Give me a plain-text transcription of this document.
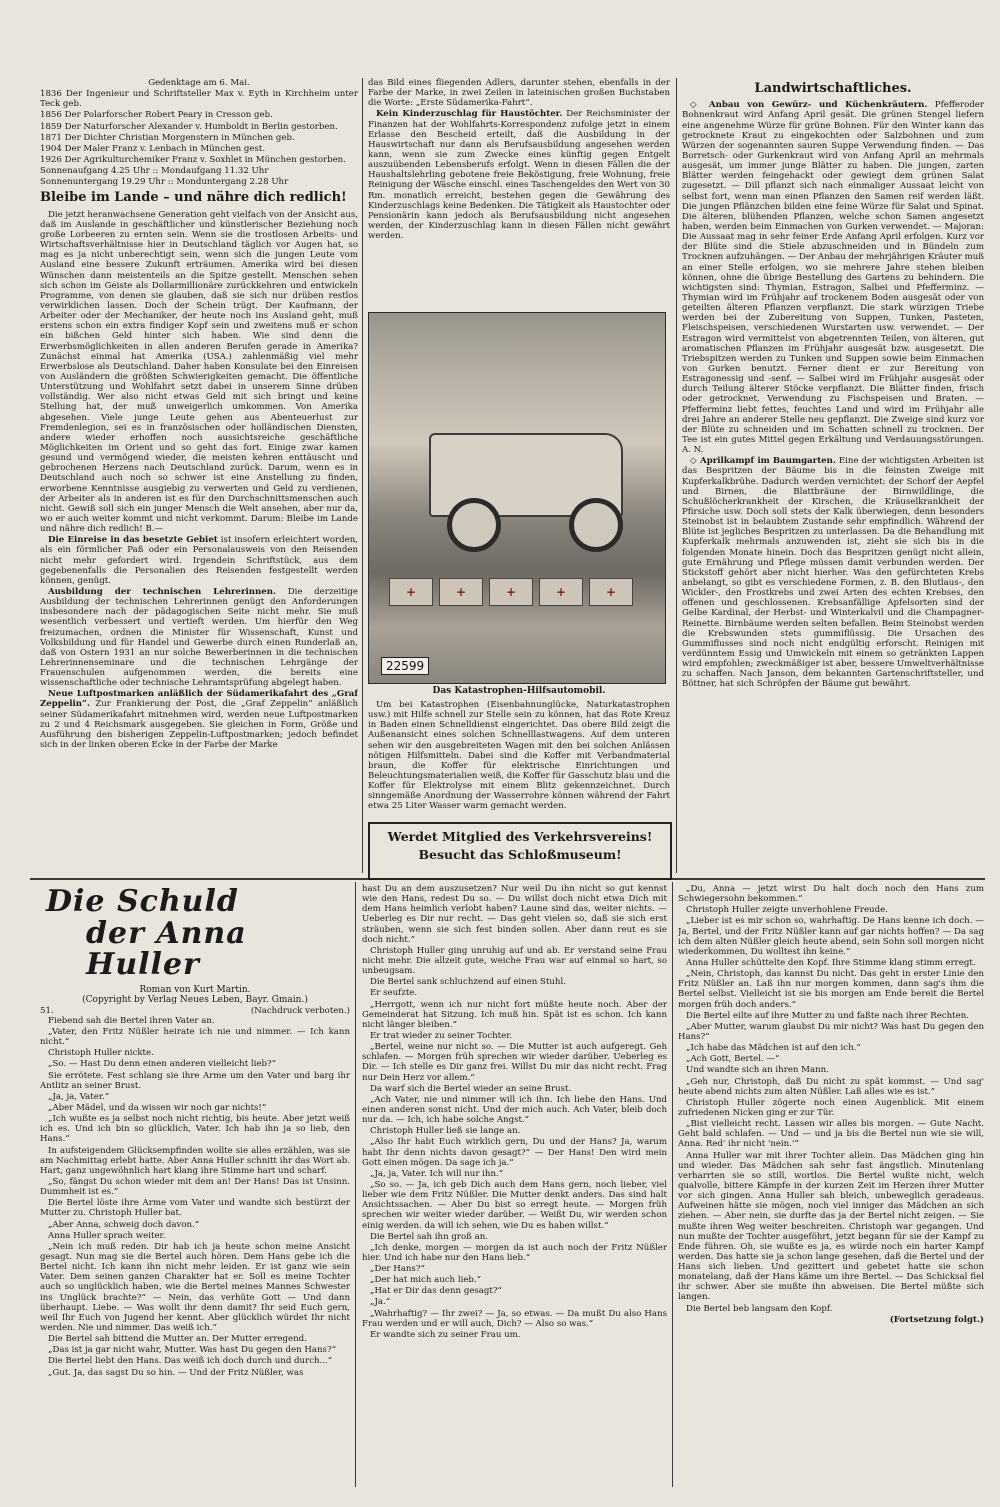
Gedenktage am 6. Mai.

1836 Der Ingenieur und Schriftsteller Max v. Eyth in Kirchheim unter Teck geb.

1856 Der Polarforscher Robert Peary in Cresson geb.

1859 Der Naturforscher Alexander v. Humboldt in Berlin gestorben.

1871 Der Dichter Christian Morgenstern in München geb.

1904 Der Maler Franz v. Lenbach in München gest.

1926 Der Agrikulturchemiker Franz v. Soxhlet in München gestorben.

Sonnenaufgang 4.25 Uhr :: Mondaufgang 11.32 Uhr

Sonnenuntergang 19.29 Uhr :: Monduntergang 2.28 Uhr

Bleibe im Lande – und nähre dich redlich!

Die jetzt heranwachsene Generation geht vielfach von der Ansicht aus, daß im Auslande in geschäftlicher und künstlerischer Beziehung noch große Lorbeeren zu ernten sein. Wenn sie die trostlosen Arbeits- und Wirtschaftsverhältnisse hier in Deutschland täglich vor Augen hat, so mag es ja nicht unberechtigt sein, wenn sich die jungen Leute vom Ausland eine bessere Zukunft erträumen. Amerika wird bei diesen Wünschen dann meistenteils an die Spitze gestellt. Menschen sehen sich schon im Geiste als Dollarmillionäre zurückkehren und entwickeln Programme, von denen sie glauben, daß sie sich nur drüben restlos verwirklichen lassen. Doch der Schein trügt. Der Kaufmann, der Arbeiter oder der Mechaniker, der heute noch ins Ausland geht, muß erstens schon ein extra findiger Kopf sein und zweitens muß er schon ein bißchen Geld hinter sich haben. Wie sind denn die Erwerbsmöglichkeiten in allen anderen Berufen gerade in Amerika? Zunächst einmal hat Amerika (USA.) zahlenmäßig viel mehr Erwerbslose als Deutschland. Daher haben Konsulate bei den Einreisen von Ausländern die größten Schwierigkeiten gemacht. Die öffentliche Unterstützung und Wohlfahrt setzt dabei in unserem Sinne drüben vollständig. Wer also nicht etwas Geld mit sich bringt und keine Stellung hat, der muß unweigerlich umkommen. Von Amerika abgesehen. Viele junge Leute gehen aus Abenteuerlust zur Fremdenlegion, sei es in französischen oder holländischen Diensten, andere wieder erhoffen noch aussichtsreiche geschäftliche Möglichkeiten im Orient und so geht das fort. Einige zwar kamen gesund und vermögend wieder, die meisten kehren enttäuscht und gebrochenen Herzens nach Deutschland zurück. Darum, wenn es in Deutschland auch noch so schwer ist eine Anstellung zu finden, erworbene Kenntnisse ausgiebig zu verwerten und Geld zu verdienen, der Arbeiter als in anderen ist es für den Durchschnittsmenschen auch nicht. Gewiß soll sich ein junger Mensch die Welt ansehen, aber nur da, wo er auch weiter kommt und nicht verkommt. Darum: Bleibe im Lande und nähre dich redlich! B.—

Die Einreise in das besetzte Gebiet ist insofern erleichtert worden, als ein förmlicher Paß oder ein Personalausweis von den Reisenden nicht mehr gefordert wird. Irgendein Schriftstück, aus dem gegebenenfalls die Personalien des Reisenden festgestellt werden können, genügt.

Ausbildung der technischen Lehrerinnen. Die derzeitige Ausbildung der technischen Lehrerinnen genügt den Anforderungen insbesondere nach der pädagogischen Seite nicht mehr. Sie muß wesentlich verbessert und vertieft werden. Um hierfür den Weg freizumachen, ordnen die Minister für Wissenschaft, Kunst und Volksbildung und für Handel und Gewerbe durch einen Runderlaß an, daß von Ostern 1931 an nur solche Bewerberinnen in die technischen Lehrerinnenseminare und die technischen Lehrgänge der Frauenschulen aufgenommen werden, die bereits eine wissenschaftliche oder technische Lehramtsprüfung abgelegt haben.

Neue Luftpostmarken anläßlich der Südamerikafahrt des „Graf Zeppelin“. Zur Frankierung der Post, die „Graf Zeppelin“ anläßlich seiner Südamerikafahrt mitnehmen wird, werden neue Luftpostmarken zu 2 und 4 Reichsmark ausgegeben. Sie gleichen in Form, Größe und Ausführung den bisherigen Zeppelin-Luftpostmarken; jedoch befindet sich in der linken oberen Ecke in der Farbe der Marke

das Bild eines fliegenden Adlers, darunter stehen, ebenfalls in der Farbe der Marke, in zwei Zeilen in lateinischen großen Buchstaben die Worte: „Erste Südamerika-Fahrt“.

Kein Kinderzuschlag für Haustöchter. Der Reichsminister der Finanzen hat der Wohlfahrts-Korrespondenz zufolge jetzt in einem Erlasse den Bescheid erteilt, daß die Ausbildung in der Hauswirtschaft nur dann als Berufsausbildung angesehen werden kann, wenn sie zum Zwecke eines künftig gegen Entgelt auszuübenden Lebensberufs erfolgt. Wenn in diesen Fällen die der Haushaltslehrling gebotene freie Beköstigung, freie Wohnung, freie Reinigung der Wäsche einschl. eines Taschengeldes den Wert von 30 Rm. monatlich erreicht, bestehen gegen die Gewährung des Kinderzuschlags keine Bedenken. Die Tätigkeit als Haustochter oder Pensionärin kann jedoch als Berufsausbildung nicht angesehen werden, der Kinderzuschlag kann in diesen Fällen nicht gewährt werden.

+	+	+	+	+
22599
Das Katastrophen-Hilfsautomobil.

Um bei Katastrophen (Eisenbahnunglücke, Naturkatastrophen usw.) mit Hilfe schnell zur Stelle sein zu können, hat das Rote Kreuz in Baden einen Schnelldienst eingerichtet. Das obere Bild zeigt die Außenansicht eines solchen Schnelllastwagens. Auf dem unteren sehen wir den ausgebreiteten Wagen mit den bei solchen Anlässen nötigen Hilfsmitteln. Dabei sind die Koffer mit Verbandmaterial braun, die Koffer für elektrische Einrichtungen und Beleuchtungsmaterialien weiß, die Koffer für Gasschutz blau und die Koffer für Elektrolyse mit einem Blitz gekennzeichnet. Durch sinngemäße Anordnung der Wasserrohre können während der Fahrt etwa 25 Liter Wasser warm gemacht werden.

Werdet Mitglied des Verkehrsvereins!
Besucht das Schloßmuseum!
Landwirtschaftliches.

◇ Anbau von Gewürz- und Küchenkräutern. Pfefferoder Bohnenkraut wird Anfang April gesät. Die grünen Stengel liefern eine angenehme Würze für grüne Bohnen. Für den Winter kann das getrocknete Kraut zu eingekochten oder Salzbohnen und zum Würzen der sogenannten sauren Suppe Verwendung finden. — Das Borretsch- oder Gurkenkraut wird von Anfang April an mehrmals ausgesät, um immer junge Blätter zu haben. Die jungen, zarten Blätter werden feingehackt oder gewiegt dem grünen Salat zugesetzt. — Dill pflanzt sich nach einmaliger Aussaat leicht von selbst fort, wenn man einen Pflanzen den Samen reif werden läßt. Die jungen Pflänzchen bilden eine feine Würze für Salat und Spinat. Die älteren, blühenden Pflanzen, welche schon Samen angesetzt haben, werden beim Einmachen von Gurken verwendet. — Majoran: Die Aussaat mag in sehr feiner Erde Anfang April erfolgen. Kurz vor der Blüte sind die Stiele abzuschneiden und in Bündeln zum Trocknen aufzuhängen. — Der Anbau der mehrjährigen Kräuter muß an einer Stelle erfolgen, wo sie mehrere Jahre stehen bleiben können, ohne die übrige Bestellung des Gartens zu behindern. Die wichtigsten sind: Thymian, Estragon, Salbei und Pfefferminz. — Thymian wird im Frühjahr auf trockenem Boden ausgesät oder von geteilten älteren Pflanzen verpflanzt. Die stark würzigen Triebe werden bei der Zubereitung von Suppen, Tunken, Pasteten, Fleischspeisen, verschiedenen Wurstarten usw. verwendet. — Der Estragon wird vermittelst von abgetrennten Teilen, von älteren, gut aromatischen Pflanzen im Frühjahr ausgesät bzw. ausgesetzt. Die Triebspitzen werden zu Tunken und Suppen sowie beim Einmachen von Gurken benutzt. Ferner dient er zur Bereitung von Estragonessig und -senf. — Salbei wird im Frühjahr ausgesät oder durch Teilung älterer Stöcke verpflanzt. Die Blätter finden, frisch oder getrocknet, Verwendung zu Fischspeisen und Braten. — Pfefferminz liebt fettes, feuchtes Land und wird im Frühjahr alle drei Jahre an anderer Stelle neu gepflanzt. Die Zweige sind kurz vor der Blüte zu schneiden und im Schatten schnell zu trocknen. Der Tee ist ein gutes Mittel gegen Erkältung und Verdauungsstörungen. A. N.

◇ Aprilkampf im Baumgarten. Eine der wichtigsten Arbeiten ist das Bespritzen der Bäume bis in die feinsten Zweige mit Kupferkalkbrühe. Dadurch werden vernichtet: der Schorf der Aepfel und Birnen, die Blattbräune der Birnwildlinge, die Schußlöcherkrankheit der Kirschen, die Kräuselkrankheit der Pfirsiche usw. Doch soll stets der Kalk überwiegen, denn besonders Steinobst ist in belaubtem Zustande sehr empfindlich. Während der Blüte ist jegliches Bespritzen zu unterlassen. Da die Behandlung mit Kupferkalk mehrmals anzuwenden ist, zieht sie sich bis in die folgenden Monate hinein. Doch das Bespritzen genügt nicht allein, gute Ernährung und Pflege müssen damit verbunden werden. Der Stickstoff gehört aber nicht hierher. Was den gefürchteten Krebs anbelangt, so gibt es verschiedene Formen, z. B. den Blutlaus-, den Wickler-, den Frostkrebs und zwei Arten des echten Krebses, den offenen und geschlossenen. Krebsanfällige Apfelsorten sind der Gelbe Kardinal, der Herbst- und Winterkalvil und die Champagner-Reinette. Birnbäume werden selten befallen. Beim Steinobst werden die Krebswunden stets gummiflüssig. Die Ursachen des Gummiflusses sind noch nicht endgültig erforscht. Reinigen mit verdünntem Essig und Umwickeln mit einem so getränkten Lappen wird empfohlen; zweckmäßiger ist aber, bessere Umweltverhältnisse zu schaffen. Nach Janson, dem bekannten Gartenschriftsteller, und Böttner, hat sich Schröpfen der Bäume gut bewährt.

Die Schuld
der Anna Huller
Roman von Kurt Martin.
(Copyright by Verlag Neues Leben, Bayr. Gmain.)
51.	(Nachdruck verboten.)

Fiebend sah die Bertel ihren Vater an.

„Vater, den Fritz Nüßler heirate ich nie und nimmer. — Ich kann nicht.“

Christoph Huller nickte.

„So. — Hast Du denn einen anderen vielleicht lieb?“

Sie errötete. Fest schlang sie ihre Arme um den Vater und barg ihr Antlitz an seiner Brust.

„Ja, ja, Vater.“

„Aber Mädel, und da wissen wir noch gar nichts!“

„Ich wußte es ja selbst noch nicht richtig, bis heute. Aber jetzt weiß ich es. Und ich bin so glücklich, Vater. Ich hab ihn ja so lieb, den Hans.“

In aufsteigendem Glücksempfinden wollte sie alles erzählen, was sie am Nachmittag erlebt hatte. Aber Anna Huller schnitt ihr das Wort ab. Hart, ganz ungewöhnlich hart klang ihre Stimme hart und scharf.

„So, fängst Du schon wieder mit dem an! Der Hans! Das ist Unsinn. Dummheit ist es.“

Die Bertel löste ihre Arme vom Vater und wandte sich bestürzt der Mutter zu. Christoph Huller bat.

„Aber Anna, schweig doch davon.“

Anna Huller sprach weiter.

„Nein ich muß reden. Dir hab ich ja heute schon meine Ansicht gesagt. Nun mag sie die Bertel auch hören. Dem Hans gebe ich die Bertel nicht. Ich kann ihn nicht mehr leiden. Er ist ganz wie sein Vater. Dem seinen ganzen Charakter hat er. Soll es meine Tochter auch so unglücklich haben, wie die Bertel meines Mannes Schwester ins Unglück brachte?“ — Nein, das verhüte Gott — Und dann überhaupt. Liebe. — Was wollt ihr denn damit? Ihr seid Euch gern, weil Ihr Euch von Jugend her kennt. Aber glücklich würdet Ihr nicht werden. Nie und nimmer. Das weiß ich.“

Die Bertel sah bittend die Mutter an. Der Mutter erregend.

„Das ist ja gar nicht wahr, Mutter. Was hast Du gegen den Hans?“

Die Bertel liebt den Hans. Das weiß ich doch durch und durch...“

„Gut. Ja, das sagst Du so hin. — Und der Fritz Nüßler, was

hast Du an dem auszusetzen? Nur weil Du ihn nicht so gut kennst wie den Hans, redest Du so. — Du willst doch nicht etwa Dich mit dem Hans heimlich verlobt haben? Laune sind das, weiter nichts. — Ueberleg es Dir nur recht. — Das geht vielen so, daß sie sich erst sträuben, wenn sie sich fest binden sollen. Aber dann reut es sie doch nicht.“

Christoph Huller ging unruhig auf und ab. Er verstand seine Frau nicht mehr. Die allzeit gute, weiche Frau war auf einmal so hart, so unbeugsam.

Die Bertel sank schluchzend auf einen Stuhl.

Er seufzte.

„Herrgott, wenn ich nur nicht fort müßte heute noch. Aber der Gemeinderat hat Sitzung. Ich muß hin. Spät ist es schon. Ich kann nicht länger bleiben.“

Er trat wieder zu seiner Tochter.

„Bertel, weine nur nicht so. — Die Mutter ist auch aufgeregt. Geh schlafen. — Morgen früh sprechen wir wieder darüber. Ueberleg es Dir. — Ich stelle es Dir ganz frei. Willst Du mir das nicht recht. Frag nur Dein Herz vor allem.“

Da warf sich die Bertel wieder an seine Brust.

„Ach Vater, nie und nimmer will ich ihn. Ich liebe den Hans. Und einen anderen sonst nicht. Und der mich auch. Ach Vater, bleib doch nur da. — Ich, ich habe solche Angst.“

Christoph Huller ließ sie lange an.

„Also Ihr habt Euch wirklich gern, Du und der Hans? Ja, warum habt Ihr denn nichts davon gesagt?“ — Der Hans! Den wird mein Gott einen mögen. Da sage ich ja.“

„Ja, ja, Vater. Ich will nur ihn.“

„So so. — Ja, ich geb Dich auch dem Hans gern, noch lieber, viel lieber wie dem Fritz Nüßler. Die Mutter denkt anders. Das sind halt Ansichtssachen. — Aber Du bist so erregt heute. — Morgen früh sprechen wir weiter wieder darüber. — Weißt Du, wir werden schon einig werden. da will ich sehen, wie Du es haben willst.“

Die Bertel sah ihn groß an.

„Ich denke, morgen — morgen da ist auch noch der Fritz Nüßler hier. Und ich habe nur den Hans lieb.“

„Der Hans?“

„Der hat mich auch lieb.“

„Hat er Dir das denn gesagt?“

„Ja.“

„Wahrhaftig? — Ihr zwei? — Ja, so etwas. — Da mußt Du also Hans Frau werden und er will auch, Dich? — Also so was.“

Er wandte sich zu seiner Frau um.

„Du, Anna — jetzt wirst Du halt doch noch den Hans zum Schwiegersohn bekommen.“

Christoph Huller zeigte unverhohlene Freude.

„Lieber ist es mir schon so, wahrhaftig. De Hans kenne ich doch. — Ja, Bertel, und der Fritz Nüßler kann auf gar nichts hoffen? — Da sag ich dem alten Nüßler gleich heute abend, sein Sohn soll morgen nicht wiederkommen, Du wolltest ihn keine.“

Anna Huller schüttelte den Kopf. Ihre Stimme klang stimm erregt.

„Nein, Christoph, das kannst Du nicht. Das geht in erster Linie den Fritz Nüßler an. Laß ihn nur morgen kommen, dann sag's ihm die Bertel selbst. Vielleicht ist sie bis morgen am Ende bereit die Bertel morgen früh doch anders.“

Die Bertel eilte auf ihre Mutter zu und faßte nach ihrer Rechten.

„Aber Mutter, warum glaubst Du mir nicht? Was hast Du gegen den Hans?“

„Ich habe das Mädchen ist auf den ich.“

„Ach Gott, Bertel. —“

Und wandte sich an ihren Mann.

„Geh nur, Christoph, daß Du nicht zu spät kommst. — Und sag' heute abend nichts zum alten Nüßler. Laß alles wie es ist.“

Christoph Huller zögerte noch einen Augenblick. Mit einem zufriedenen Nicken ging er zur Tür.

„Bist vielleicht recht. Lassen wir alles bis morgen. — Gute Nacht. Geht bald schlafen. — Und — und ja bis die Bertel nun wie sie will, Anna. Red' ihr nicht 'nein.'“

Anna Huller war mit ihrer Tochter allein. Das Mädchen ging hin und wieder. Das Mädchen sah sehr fast ängstlich. Minutenlang verharrten sie so still, wortlos. Die Bertel wußte nicht, welch qualvolle, bittere Kämpfe in der kurzen Zeit im Herzen ihrer Mutter vor sich gingen. Anna Huller sah bleich, unbeweglich geradeaus. Aufweinen hätte sie mögen, noch viel inniger das Mädchen an sich ziehen. — Aber nein, sie durfte das ja der Bertel nicht zeigen. — Sie mußte ihren Weg weiter beschreiten. Christoph war gegangen. Und nun mußte der Tochter ausgeföhrt, jetzt begann für sie der Kampf zu Ende führen. Oh, sie wußte es ja, es würde noch ein harter Kampf werden. Das hatte sie ja schon lange gesehen, daß die Bertel und der Hans sich lieben. Und gezittert und gebetet hatte sie schon monatelang, daß der Hans käme um ihre Bertel. — Das Schicksal fiel ihr schwer. Aber sie mußte ihn abweisen. Die Bertel müßte sich langen.

Die Bertel beb langsam den Kopf.

(Fortsetzung folgt.)
